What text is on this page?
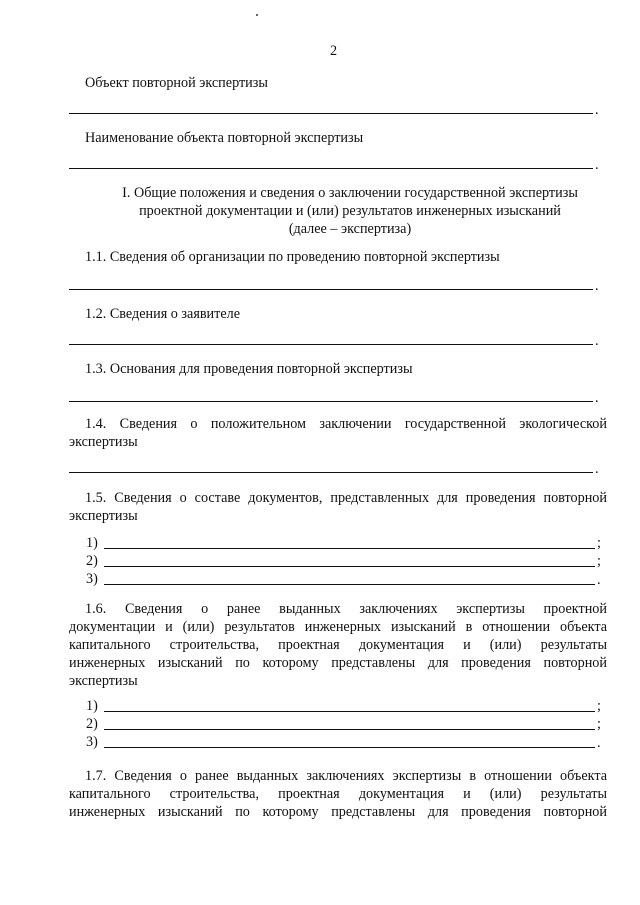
2
Объект повторной экспертизы
.
Наименование объекта повторной экспертизы
.
I. Общие положения и сведения о заключении государственной экспертизы
проектной документации и (или) результатов инженерных изысканий
(далее – экспертиза)
1.1. Сведения об организации по проведению повторной экспертизы
.
1.2. Сведения о заявителе
.
1.3. Основания для проведения повторной экспертизы
.
1.4. Сведения о положительном заключении государственной экологической
экспертизы
.
1.5. Сведения о составе документов, представленных для проведения повторной
экспертизы
1)	;
2)	;
3)	.
1.6. Сведения о ранее выданных заключениях экспертизы проектной
документации и (или) результатов инженерных изысканий в отношении объекта
капитального строительства, проектная документация и (или) результаты
инженерных изысканий по которому представлены для проведения повторной
экспертизы
1)	;
2)	;
3)	.
1.7. Сведения о ранее выданных заключениях экспертизы в отношении объекта
капитального строительства, проектная документация и (или) результаты
инженерных изысканий по которому представлены для проведения повторной
